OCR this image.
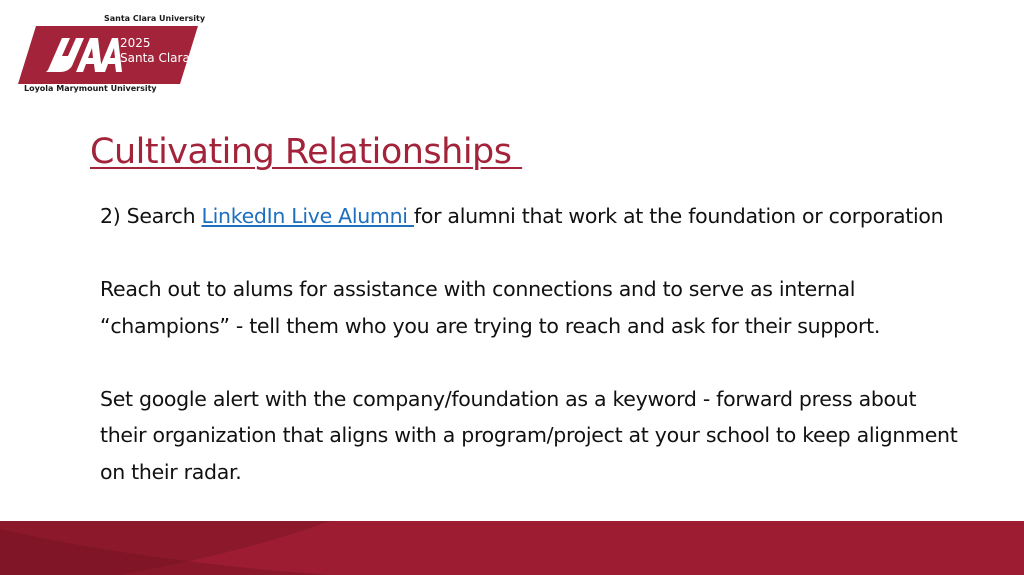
Santa Clara University
2025
Santa Clara
Loyola Marymount University
Cultivating Relationships

2) Search LinkedIn Live Alumni for alumni that work at the foundation or corporation

Reach out to alums for assistance with connections and to serve as internal

“champions” - tell them who you are trying to reach and ask for their support.

Set google alert with the company/foundation as a keyword - forward press about

their organization that aligns with a program/project at your school to keep alignment

on their radar.
